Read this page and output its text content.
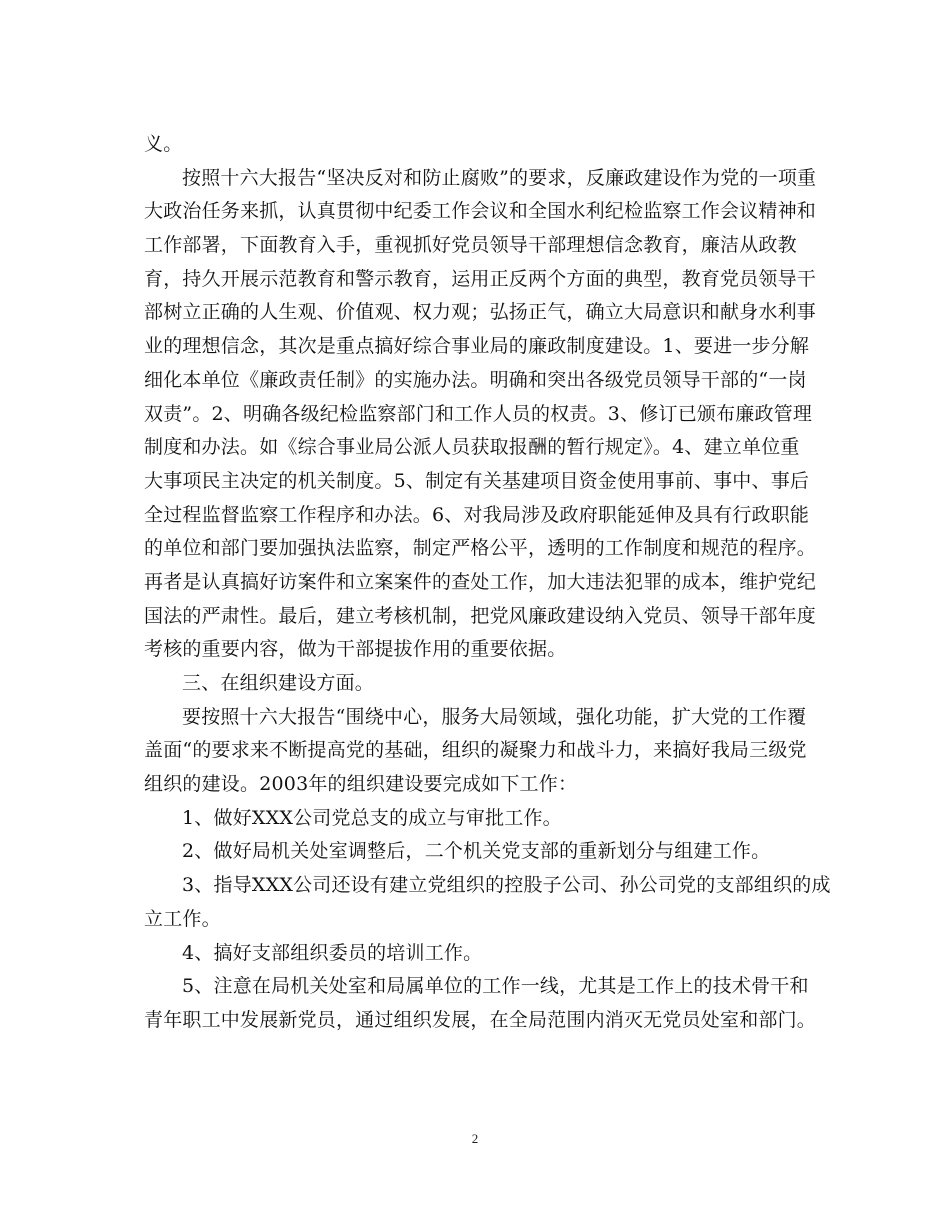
义。
按照十六大报告“坚决反对和防止腐败”的要求，反廉政建设作为党的一项重
大政治任务来抓，认真贯彻中纪委工作会议和全国水利纪检监察工作会议精神和
工作部署，下面教育入手，重视抓好党员领导干部理想信念教育，廉洁从政教
育，持久开展示范教育和警示教育，运用正反两个方面的典型，教育党员领导干
部树立正确的人生观、价值观、权力观；弘扬正气，确立大局意识和献身水利事
业的理想信念，其次是重点搞好综合事业局的廉政制度建设。1、要进一步分解
细化本单位《廉政责任制》的实施办法。明确和突出各级党员领导干部的“一岗
双责”。2、明确各级纪检监察部门和工作人员的权责。3、修订已颁布廉政管理
制度和办法。如《综合事业局公派人员获取报酬的暂行规定》。4、建立单位重
大事项民主决定的机关制度。5、制定有关基建项目资金使用事前、事中、事后
全过程监督监察工作程序和办法。6、对我局涉及政府职能延伸及具有行政职能
的单位和部门要加强执法监察，制定严格公平，透明的工作制度和规范的程序。
再者是认真搞好访案件和立案案件的查处工作，加大违法犯罪的成本，维护党纪
国法的严肃性。最后，建立考核机制，把党风廉政建设纳入党员、领导干部年度
考核的重要内容，做为干部提拔作用的重要依据。
三、在组织建设方面。
要按照十六大报告“围绕中心，服务大局领域，强化功能，扩大党的工作覆
盖面“的要求来不断提高党的基础，组织的凝聚力和战斗力，来搞好我局三级党
组织的建设。2003年的组织建设要完成如下工作：
1、做好XXX公司党总支的成立与审批工作。
2、做好局机关处室调整后，二个机关党支部的重新划分与组建工作。
3、指导XXX公司还设有建立党组织的控股子公司、孙公司党的支部组织的成
立工作。
4、搞好支部组织委员的培训工作。
5、注意在局机关处室和局属单位的工作一线，尤其是工作上的技术骨干和
青年职工中发展新党员，通过组织发展，在全局范围内消灭无党员处室和部门。
2
